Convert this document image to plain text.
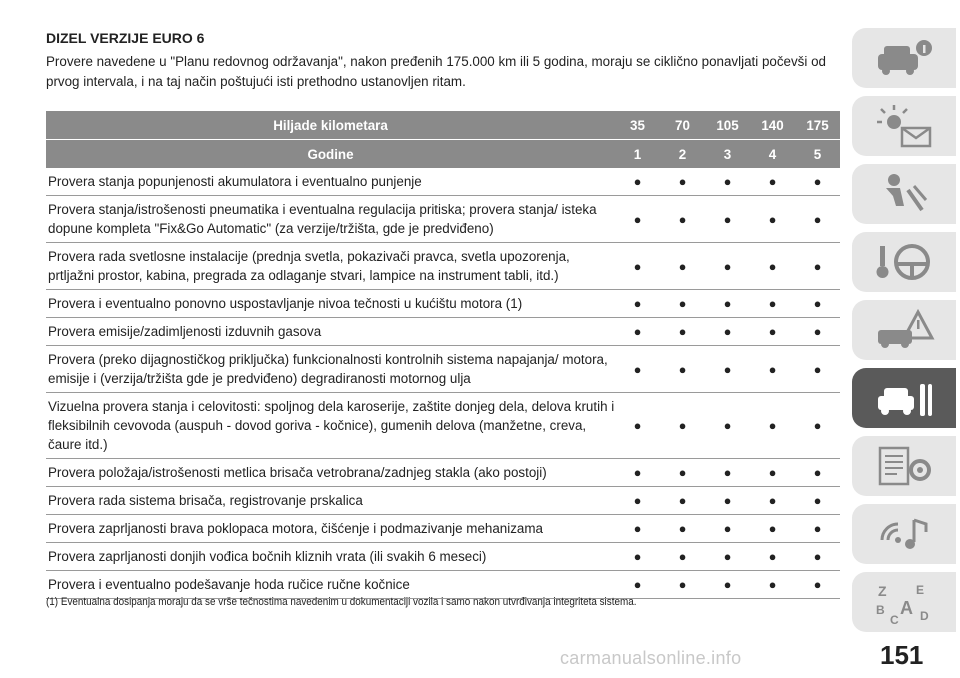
DIZEL VERZIJE EURO 6
Provere navedene u "Planu redovnog održavanja", nakon pređenih 175.000 km ili 5 godina, moraju se ciklično ponavljati počevši od prvog intervala, i na taj način poštujući isti prethodno ustanovljen ritam.
Hiljade kilometara	35	70	105	140	175
Godine	1	2	3	4	5
Provera stanja popunjenosti akumulatora i eventualno punjenje	●	●	●	●	●
Provera stanja/istrošenosti pneumatika i eventualna regulacija pritiska; provera stanja/ isteka dopune kompleta "Fix&Go Automatic" (za verzije/tržišta, gde je predviđeno)	●	●	●	●	●
Provera rada svetlosne instalacije (prednja svetla, pokazivači pravca, svetla upozorenja, prtljažni prostor, kabina, pregrada za odlaganje stvari, lampice na instrument tabli, itd.)	●	●	●	●	●
Provera i eventualno ponovno uspostavljanje nivoa tečnosti u kućištu motora (1)	●	●	●	●	●
Provera emisije/zadimljenosti izduvnih gasova	●	●	●	●	●
Provera (preko dijagnostičkog priključka) funkcionalnosti kontrolnih sistema napajanja/ motora, emisije i (verzija/tržišta gde je predviđeno) degradiranosti motornog ulja	●	●	●	●	●
Vizuelna provera stanja i celovitosti: spoljnog dela karoserije, zaštite donjeg dela, delova krutih i fleksibilnih cevovoda (auspuh - dovod goriva - kočnice), gumenih delova (manžetne, creva, čaure itd.)	●	●	●	●	●
Provera položaja/istrošenosti metlica brisača vetrobrana/zadnjeg stakla (ako postoji)	●	●	●	●	●
Provera rada sistema brisača, registrovanje prskalica	●	●	●	●	●
Provera zaprljanosti brava poklopaca motora, čišćenje i podmazivanje mehanizama	●	●	●	●	●
Provera zaprljanosti donjih vođica bočnih kliznih vrata (ili svakih 6 meseci)	●	●	●	●	●
Provera i eventualno podešavanje hoda ručice ručne kočnice	●	●	●	●	●
(1) Eventualna dosipanja moraju da se vrše tečnostima navedenim u dokumentaciji vozila i samo nakon utvrđivanja integriteta sistema.
Z E
B A
C D
carmanualsonline.info	151
